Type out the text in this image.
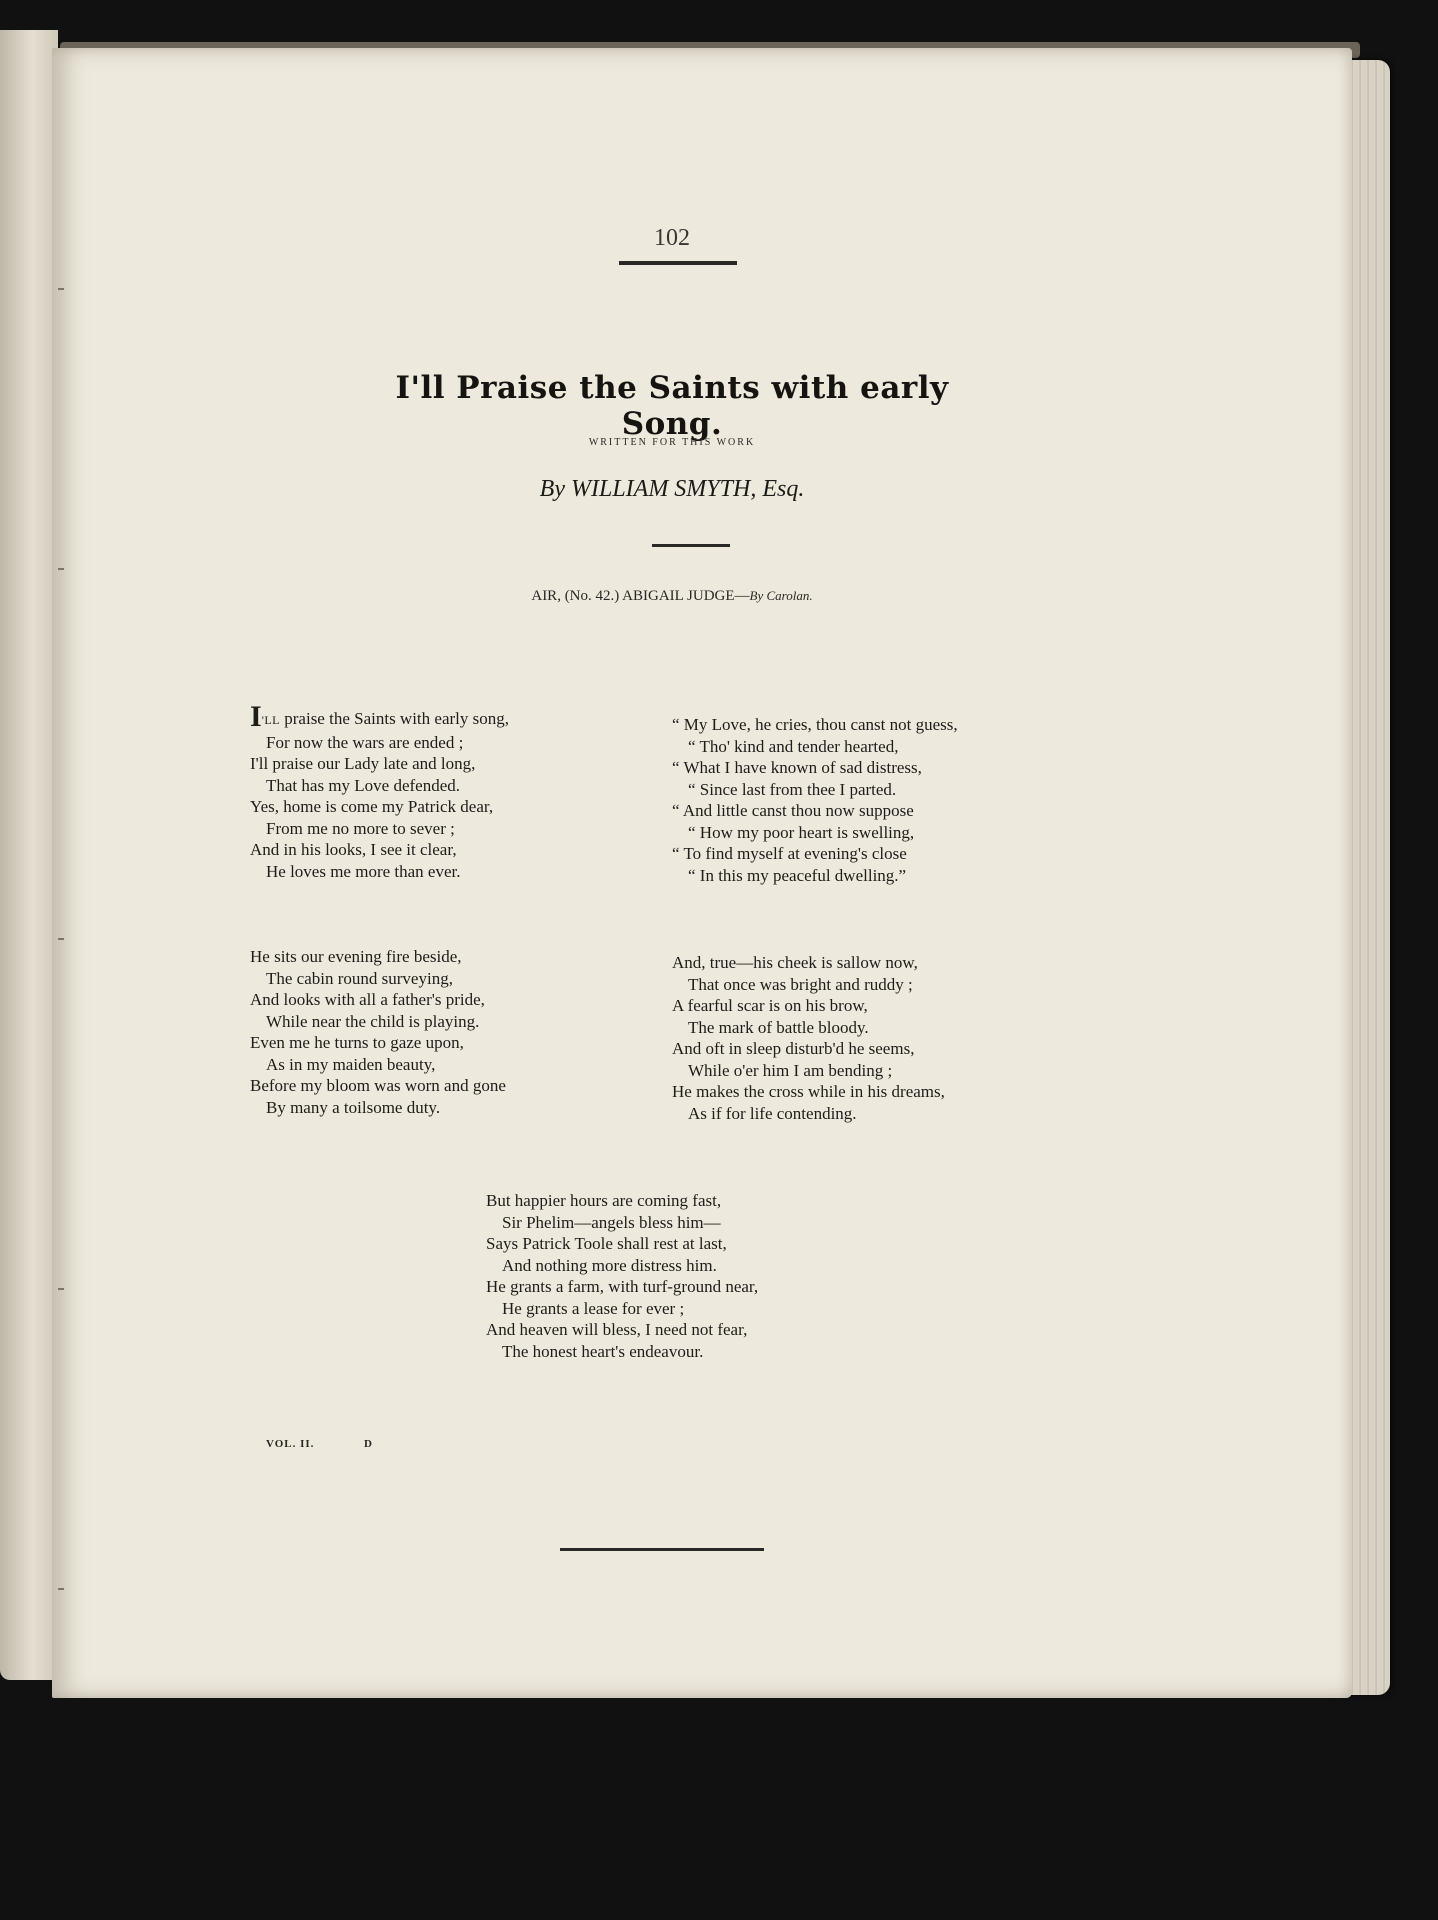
102
I'll Praise the Saints with early Song.
WRITTEN FOR THIS WORK
By WILLIAM SMYTH, Esq.
AIR, (No. 42.) ABIGAIL JUDGE—By Carolan.
I'LL praise the Saints with early song,
For now the wars are ended ;
I'll praise our Lady late and long,
That has my Love defended.
Yes, home is come my Patrick dear,
From me no more to sever ;
And in his looks, I see it clear,
He loves me more than ever.
He sits our evening fire beside,
The cabin round surveying,
And looks with all a father's pride,
While near the child is playing.
Even me he turns to gaze upon,
As in my maiden beauty,
Before my bloom was worn and gone
By many a toilsome duty.
“ My Love, he cries, thou canst not guess,
“ Tho' kind and tender hearted,
“ What I have known of sad distress,
“ Since last from thee I parted.
“ And little canst thou now suppose
“ How my poor heart is swelling,
“ To find myself at evening's close
“ In this my peaceful dwelling.”
And, true—his cheek is sallow now,
That once was bright and ruddy ;
A fearful scar is on his brow,
The mark of battle bloody.
And oft in sleep disturb'd he seems,
While o'er him I am bending ;
He makes the cross while in his dreams,
As if for life contending.
But happier hours are coming fast,
Sir Phelim—angels bless him—
Says Patrick Toole shall rest at last,
And nothing more distress him.
He grants a farm, with turf-ground near,
He grants a lease for ever ;
And heaven will bless, I need not fear,
The honest heart's endeavour.
VOL. II.	D
